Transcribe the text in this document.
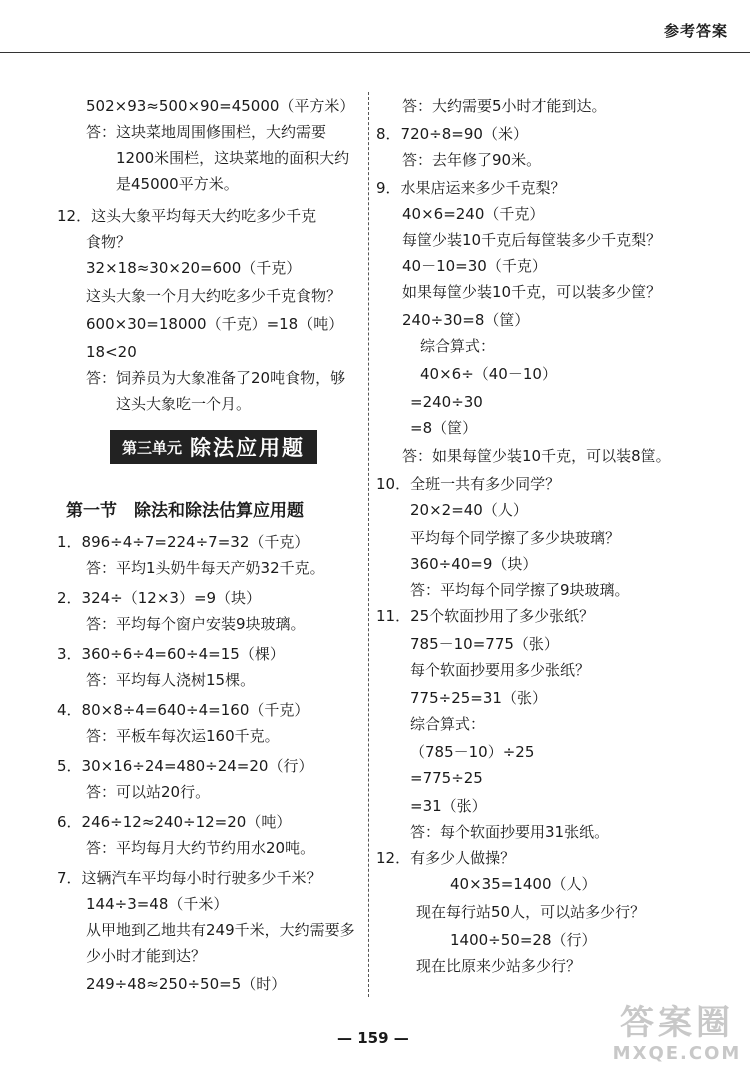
参考答案
502×93≈500×90=45000（平方米）
答：这块菜地周围修围栏，大约需要
1200米围栏，这块菜地的面积大约
是45000平方米。
12．这头大象平均每天大约吃多少千克
食物？
32×18≈30×20=600（千克）
这头大象一个月大约吃多少千克食物？
600×30=18000（千克）=18（吨）
18<20
答：饲养员为大象准备了20吨食物，够
这头大象吃一个月。
1．896÷4÷7=224÷7=32（千克）
答：平均1头奶牛每天产奶32千克。
2．324÷（12×3）=9（块）
答：平均每个窗户安装9块玻璃。
3．360÷6÷4=60÷4=15（棵）
答：平均每人浇树15棵。
4．80×8÷4=640÷4=160（千克）
答：平板车每次运160千克。
5．30×16÷24=480÷24=20（行）
答：可以站20行。
6．246÷12≈240÷12=20（吨）
答：平均每月大约节约用水20吨。
7．这辆汽车平均每小时行驶多少千米？
144÷3=48（千米）
从甲地到乙地共有249千米，大约需要多
少小时才能到达？
249÷48≈250÷50=5（时）
第三单元 除法应用题
第一节　除法和除法估算应用题
答：大约需要5小时才能到达。
8．720÷8=90（米）
答：去年修了90米。
9．水果店运来多少千克梨？
40×6=240（千克）
每筐少装10千克后每筐装多少千克梨？
40－10=30（千克）
如果每筐少装10千克，可以装多少筐？
240÷30=8（筐）
综合算式：
40×6÷（40－10）
=240÷30
=8（筐）
答：如果每筐少装10千克，可以装8筐。
10．全班一共有多少同学？
20×2=40（人）
平均每个同学擦了多少块玻璃？
360÷40=9（块）
答：平均每个同学擦了9块玻璃。
11．25个软面抄用了多少张纸？
785－10=775（张）
每个软面抄要用多少张纸？
775÷25=31（张）
综合算式：
（785－10）÷25
=775÷25
=31（张）
答：每个软面抄要用31张纸。
12．有多少人做操？
40×35=1400（人）
现在每行站50人，可以站多少行？
1400÷50=28（行）
现在比原来少站多少行？
— 159 —	答案圈
MXQE.COM
